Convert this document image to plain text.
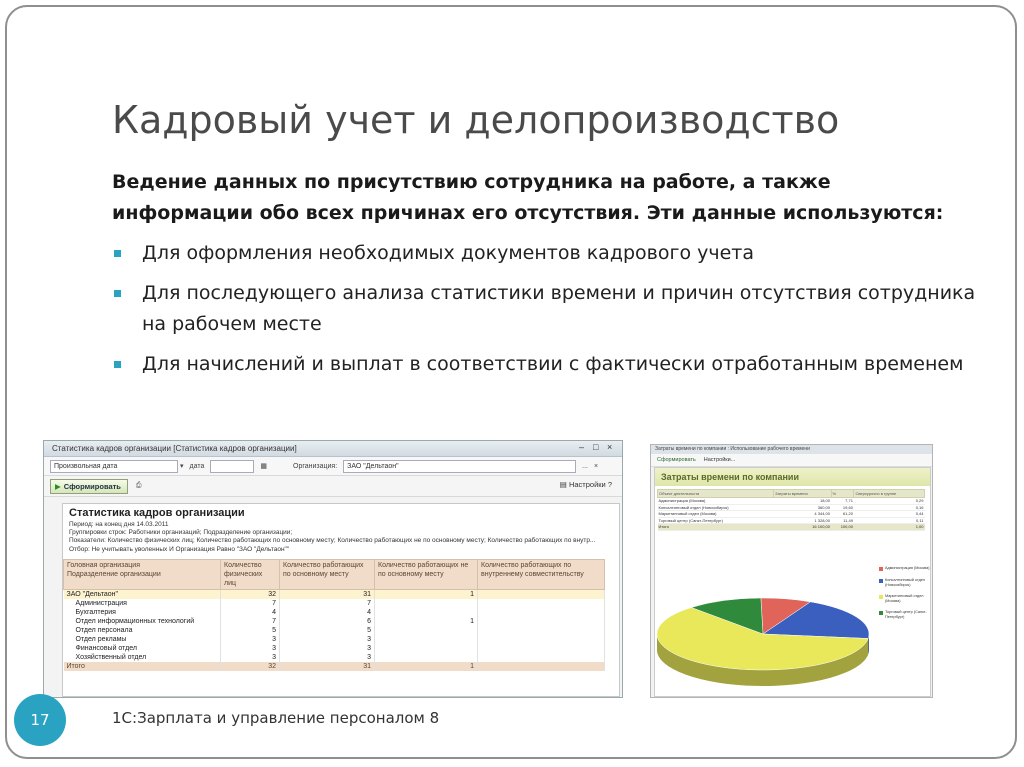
Кадровый учет и делопроизводство
Ведение данных по присутствию сотрудника на работе, а также информации обо всех причинах его отсутствия. Эти данные используются:
Для оформления необходимых документов кадрового учета
Для последующего анализа статистики времени и причин отсутствия сотрудника на рабочем месте
Для начислений и выплат в соответствии с фактически отработанным временем
Статистика кадров организации [Статистика кадров организации]	– □ ×
Произвольная дата	▾ дата	▦	Организация:	ЗАО "Дельтаон"	... ×
▶ Сформировать	⎙	▤ Настройки ?
Статистика кадров организации
Период: на конец дня 14.03.2011
Группировки строк: Работники организаций; Подразделение организации;
Показатели: Количество физических лиц; Количество работающих по основному месту; Количество работающих не по основному месту; Количество работающих по внутр...
Отбор: Не учитывать уволенных И Организация Равно "ЗАО "Дельтаон""
Головная организация
Подразделение организации	Количество физических лиц	Количество работающих по основному месту	Количество работающих не по основному месту	Количество работающих по внутреннему совместительству
ЗАО "Дельтаон"	32	31	1	
Администрация	7	7		
Бухгалтерия	4	4		
Отдел информационных технологий	7	6	1	
Отдел персонала	5	5		
Отдел рекламы	3	3		
Финансовый отдел	3	3		
Хозяйственный отдел	3	3		
Итого	32	31	1	
Затраты времени по компании : Использование рабочего времени
Сформировать Настройки...
Затраты времени по компании
Объект деятельности	Затраты времени	%	Сверхурочно в группе
Администрация (Москва)	18,00	7,71	0,29
Консалтинговый отдел (Новосибирск)	360,00	19,60	0,16
Маркетинговый отдел (Москва)	4 344,00	61,20	0,44
Торговый центр (Санкт-Петербург)	1 328,00	11,49	0,11
Итого	16 100,00	100,00	1,00
Администрация (Москва)
Консалтинговый отдел (Новосибирск)
Маркетинговый отдел (Москва)
Торговый центр (Санкт-Петербург)
17	1С:Зарплата и управление персоналом 8
